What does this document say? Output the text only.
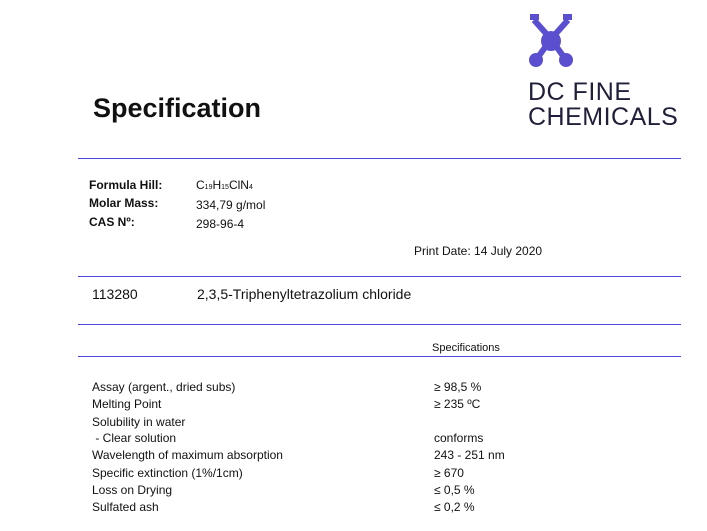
Specification
DC FINE
CHEMICALS
Formula Hill:	C19H15ClN4
Molar Mass:	334,79 g/mol
CAS Nº:	298-96-4
Print Date: 14 July 2020
113280	2,3,5-Triphenyltetrazolium chloride
Specifications
Assay (argent., dried subs)	≥ 98,5 %
Melting Point	≥ 235 ºC
Solubility in water
- Clear solution	conforms
Wavelength of maximum absorption	243 - 251 nm
Specific extinction (1%/1cm)	≥ 670
Loss on Drying	≤ 0,5 %
Sulfated ash	≤ 0,2 %
